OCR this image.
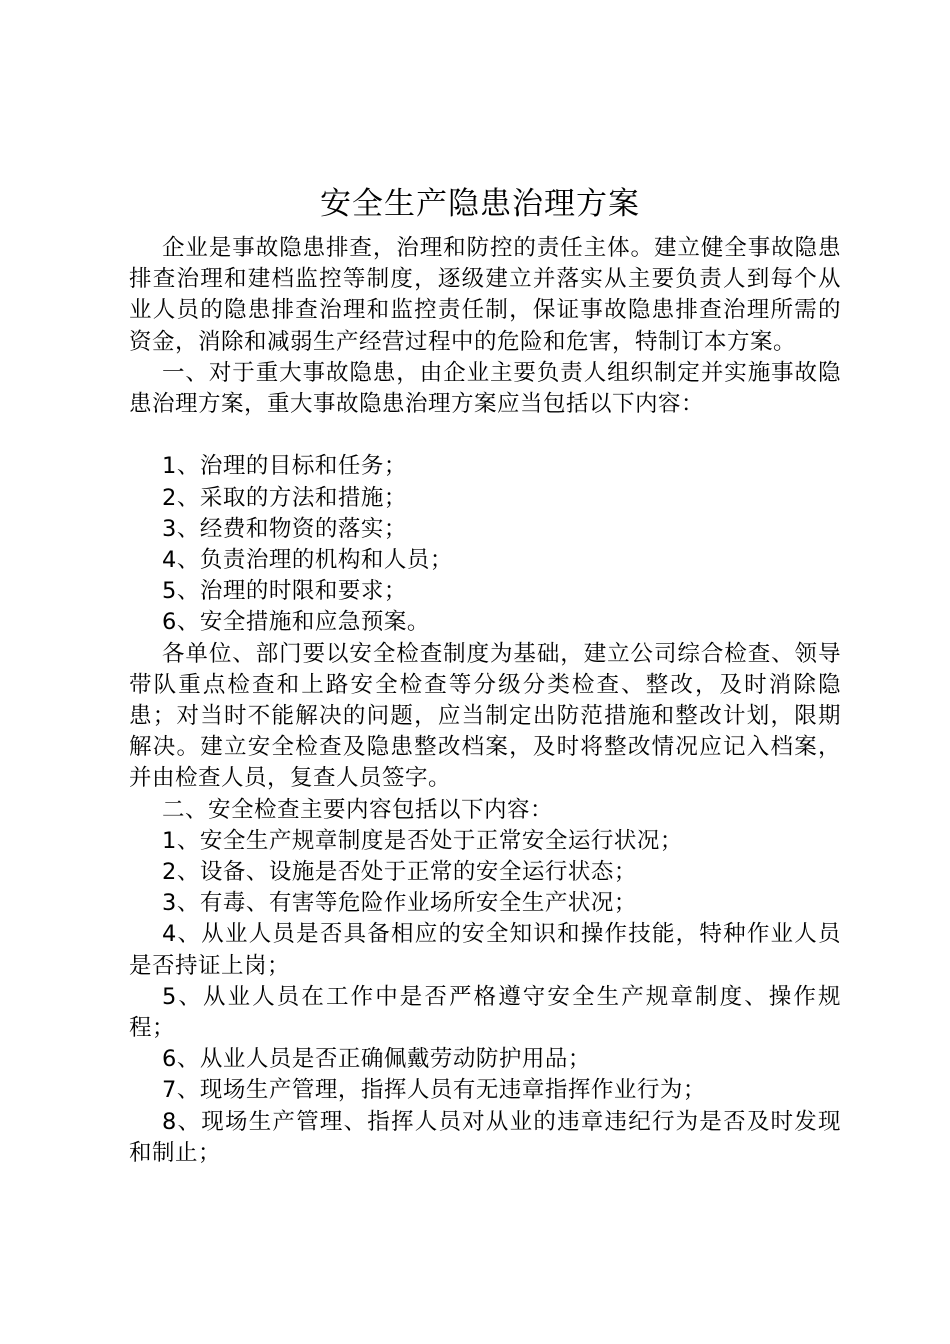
安全生产隐患治理方案

企业是事故隐患排查，治理和防控的责任主体。建立健全事故隐患排查治理和建档监控等制度，逐级建立并落实从主要负责人到每个从业人员的隐患排查治理和监控责任制，保证事故隐患排查治理所需的资金，消除和减弱生产经营过程中的危险和危害，特制订本方案。

一、对于重大事故隐患，由企业主要负责人组织制定并实施事故隐患治理方案，重大事故隐患治理方案应当包括以下内容：

1、治理的目标和任务；

2、采取的方法和措施；

3、经费和物资的落实；

4、负责治理的机构和人员；

5、治理的时限和要求；

6、安全措施和应急预案。

各单位、部门要以安全检查制度为基础，建立公司综合检查、领导带队重点检查和上路安全检查等分级分类检查、整改，及时消除隐患；对当时不能解决的问题，应当制定出防范措施和整改计划，限期解决。建立安全检查及隐患整改档案，及时将整改情况应记入档案，并由检查人员，复查人员签字。

二、安全检查主要内容包括以下内容：

1、安全生产规章制度是否处于正常安全运行状况；

2、设备、设施是否处于正常的安全运行状态；

3、有毒、有害等危险作业场所安全生产状况；

4、从业人员是否具备相应的安全知识和操作技能，特种作业人员是否持证上岗；

5、从业人员在工作中是否严格遵守安全生产规章制度、操作规程；

6、从业人员是否正确佩戴劳动防护用品；

7、现场生产管理，指挥人员有无违章指挥作业行为；

8、现场生产管理、指挥人员对从业的违章违纪行为是否及时发现和制止；
